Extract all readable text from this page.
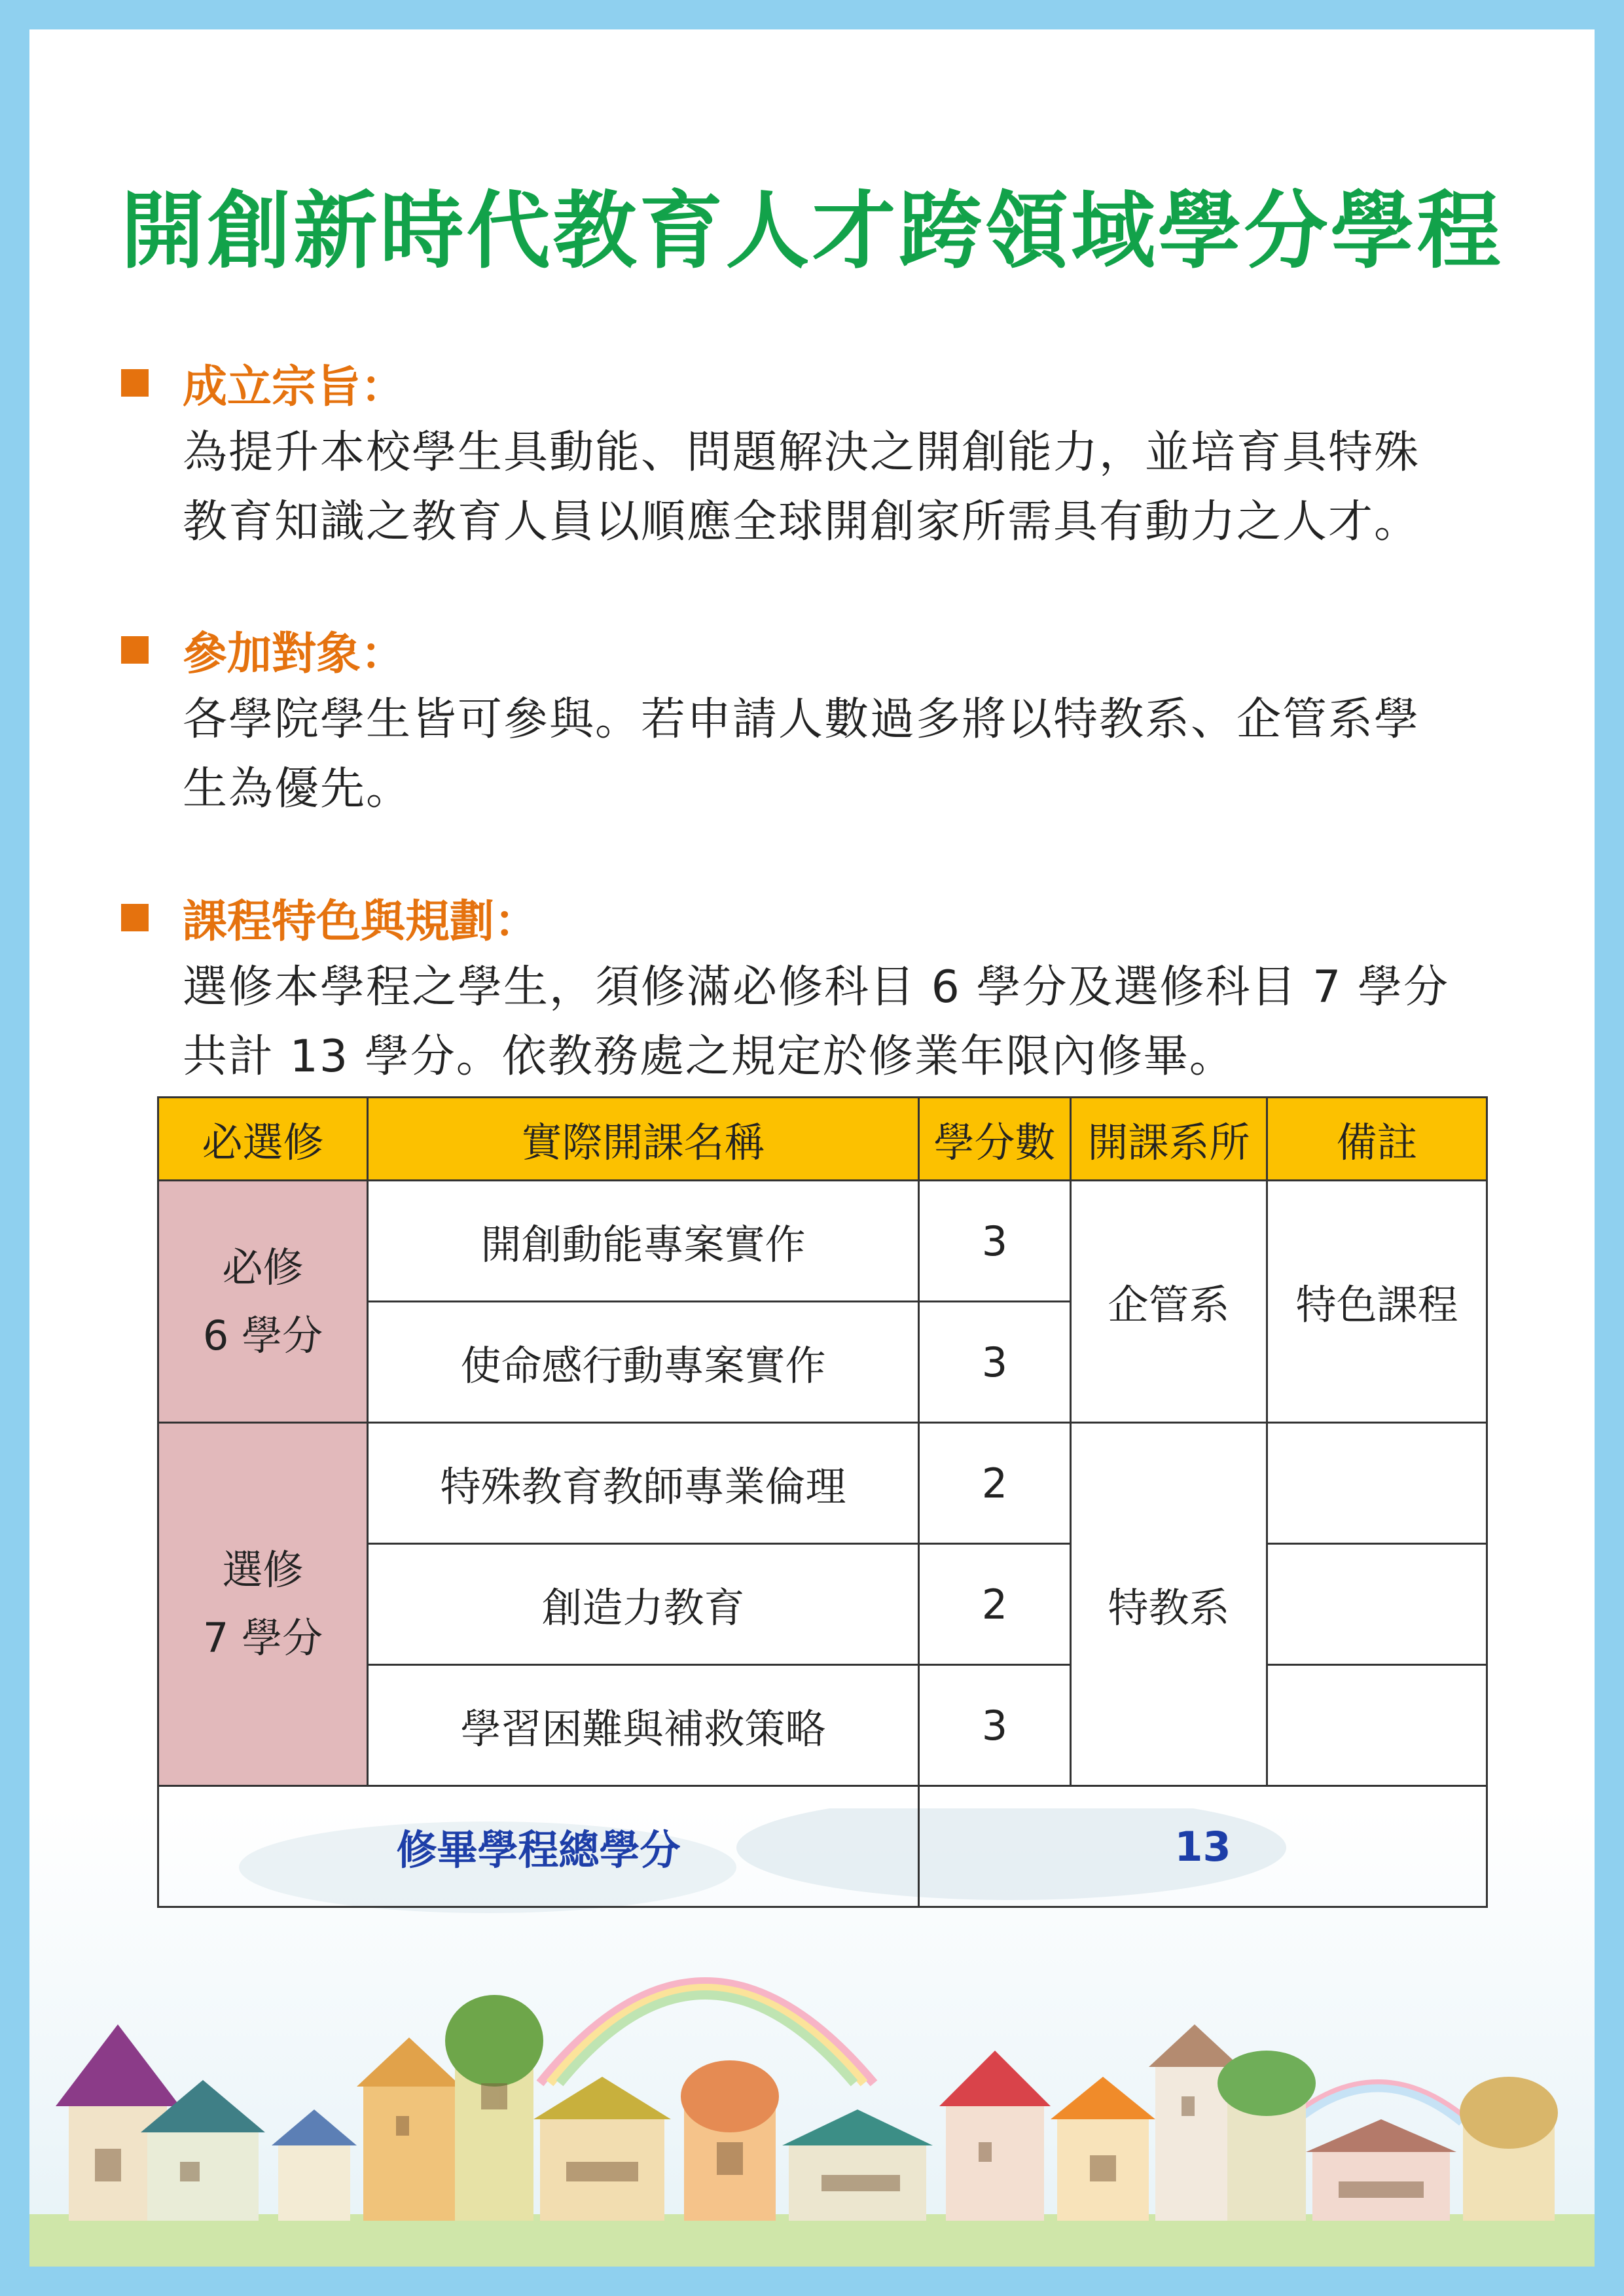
開創新時代教育人才跨領域學分學程
成立宗旨：

為提升本校學生具動能、問題解決之開創能力，並培育具特殊

教育知識之教育人員以順應全球開創家所需具有動力之人才。

參加對象：

各學院學生皆可參與。若申請人數過多將以特教系、企管系學

生為優先。

課程特色與規劃：

選修本學程之學生，須修滿必修科目 6 學分及選修科目 7 學分

共計 13 學分。依教務處之規定於修業年限內修畢。

必選修	實際開課名稱	學分數	開課系所	備註

必修
6 學分	開創動能專案實作	3	企管系	特色課程
	使命感行動專案實作	3		

選修
7 學分	特殊教育教師專業倫理	2	特教系	
	創造力教育	2		
	學習困難與補救策略	3		
修畢學程總學分		13		
